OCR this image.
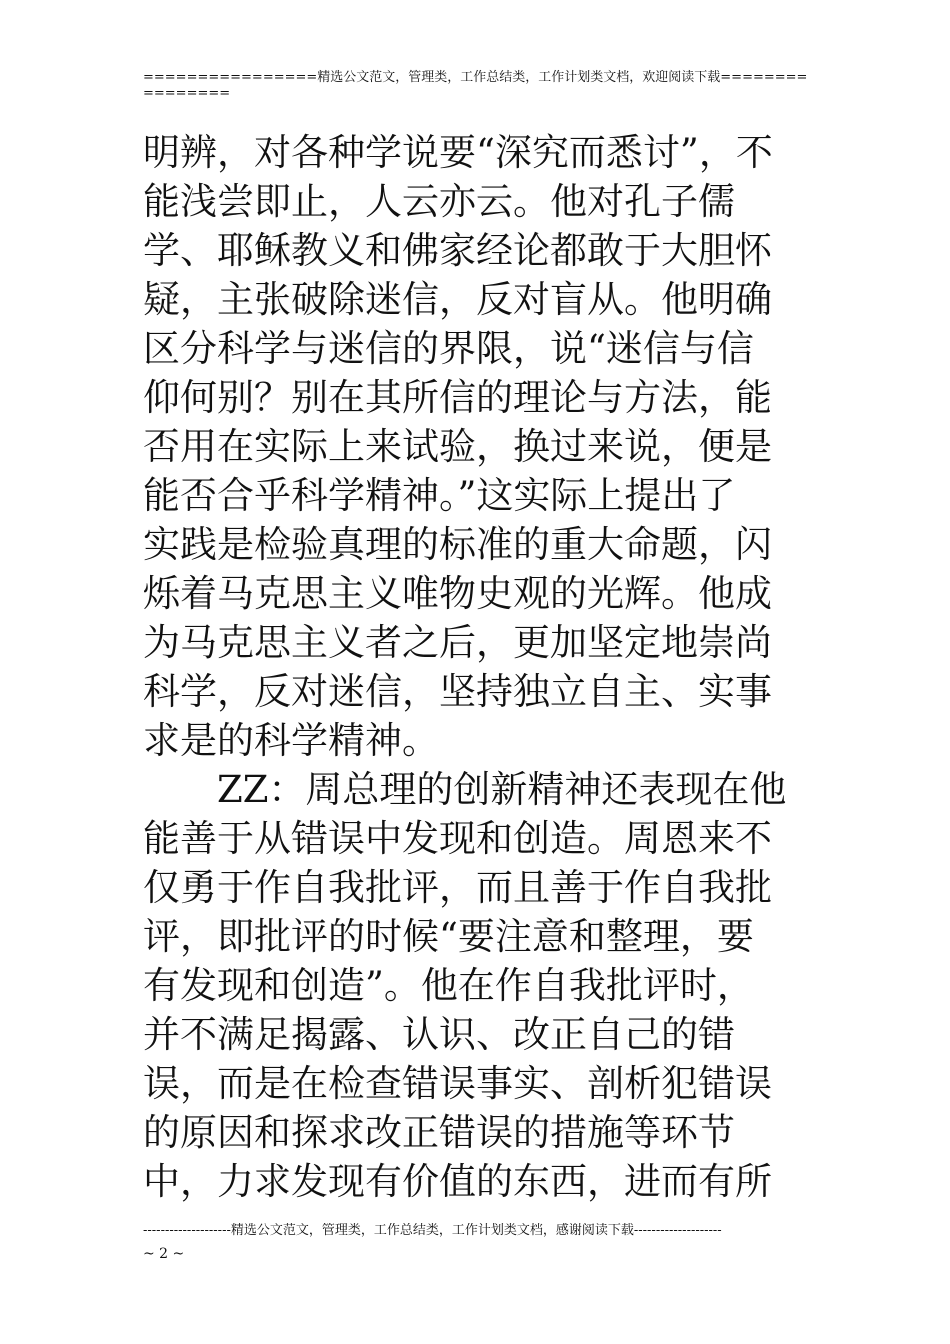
================精选公文范文，管理类，工作总结类，工作计划类文档，欢迎阅读下载================
明辨，对各种学说要“深究而悉讨”，不
能浅尝即止，人云亦云。他对孔子儒
学、耶稣教义和佛家经论都敢于大胆怀
疑，主张破除迷信，反对盲从。他明确
区分科学与迷信的界限，说“迷信与信
仰何别？别在其所信的理论与方法，能
否用在实际上来试验，换过来说，便是
能否合乎科学精神。”这实际上提出了
实践是检验真理的标准的重大命题，闪
烁着马克思主义唯物史观的光辉。他成
为马克思主义者之后，更加坚定地崇尚
科学，反对迷信，坚持独立自主、实事
求是的科学精神。
ZZ：周总理的创新精神还表现在他
能善于从错误中发现和创造。周恩来不
仅勇于作自我批评，而且善于作自我批
评，即批评的时候“要注意和整理，要
有发现和创造”。他在作自我批评时，
并不满足揭露、认识、改正自己的错
误，而是在检查错误事实、剖析犯错误
的原因和探求改正错误的措施等环节
中，力求发现有价值的东西，进而有所
--------------------精选公文范文，管理类，工作总结类，工作计划类文档，感谢阅读下载--------------------
~ 2 ~
